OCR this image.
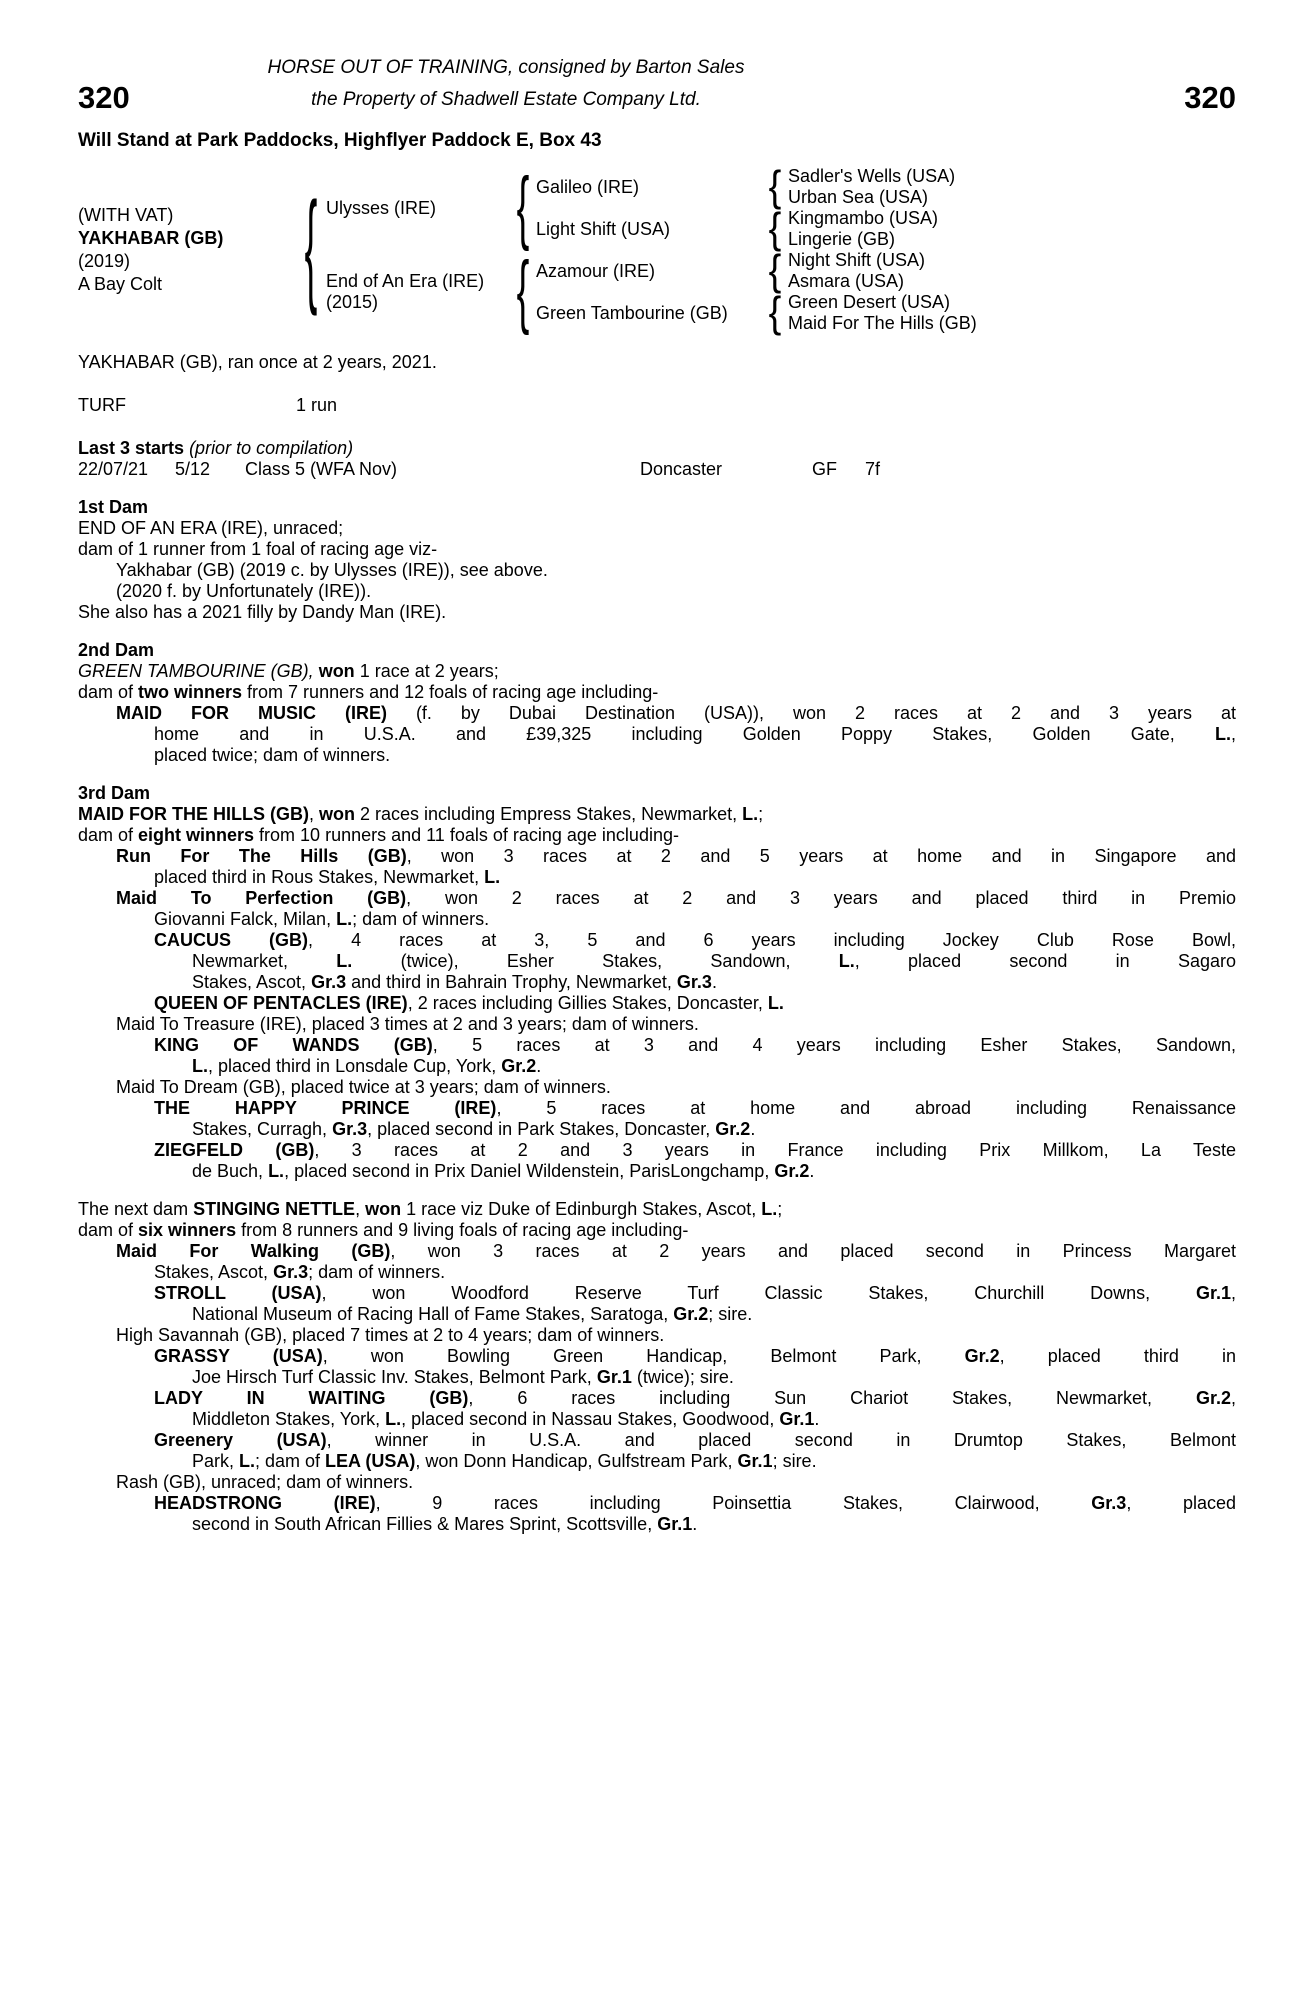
HORSE OUT OF TRAINING, consigned by Barton Sales
the Property of Shadwell Estate Company Ltd.
320	320
Will Stand at Park Paddocks, Highflyer Paddock E, Box 43
(WITH VAT)
YAKHABAR (GB)
(2019)
A Bay Colt	{ Ulysses (IRE)
End of An Era (IRE)
(2015)
{
{
Galileo (IRE)
Light Shift (USA)
Azamour (IRE)
Green Tambourine (GB)
{
{
{
{
Sadler's Wells (USA)
Urban Sea (USA)
Kingmambo (USA)
Lingerie (GB)
Night Shift (USA)
Asmara (USA)
Green Desert (USA)
Maid For The Hills (GB)
YAKHABAR (GB), ran once at 2 years, 2021.
TURF	1 run
Last 3 starts (prior to compilation)
22/07/21	5/12	Class 5 (WFA Nov)	Doncaster	GF	7f
1st Dam
END OF AN ERA (IRE), unraced;
dam of 1 runner from 1 foal of racing age viz-
Yakhabar (GB) (2019 c. by Ulysses (IRE)), see above.
(2020 f. by Unfortunately (IRE)).
She also has a 2021 filly by Dandy Man (IRE).
2nd Dam
GREEN TAMBOURINE (GB), won 1 race at 2 years;
dam of two winners from 7 runners and 12 foals of racing age including-
MAID FOR MUSIC (IRE) (f. by Dubai Destination (USA)), won 2 races at 2 and 3 years at
home and in U.S.A. and £39,325 including Golden Poppy Stakes, Golden Gate, L.,
placed twice; dam of winners.
3rd Dam
MAID FOR THE HILLS (GB), won 2 races including Empress Stakes, Newmarket, L.;
dam of eight winners from 10 runners and 11 foals of racing age including-
Run For The Hills (GB), won 3 races at 2 and 5 years at home and in Singapore and
placed third in Rous Stakes, Newmarket, L.
Maid To Perfection (GB), won 2 races at 2 and 3 years and placed third in Premio
Giovanni Falck, Milan, L.; dam of winners.
CAUCUS (GB), 4 races at 3, 5 and 6 years including Jockey Club Rose Bowl,
Newmarket, L. (twice), Esher Stakes, Sandown, L., placed second in Sagaro
Stakes, Ascot, Gr.3 and third in Bahrain Trophy, Newmarket, Gr.3.
QUEEN OF PENTACLES (IRE), 2 races including Gillies Stakes, Doncaster, L.
Maid To Treasure (IRE), placed 3 times at 2 and 3 years; dam of winners.
KING OF WANDS (GB), 5 races at 3 and 4 years including Esher Stakes, Sandown,
L., placed third in Lonsdale Cup, York, Gr.2.
Maid To Dream (GB), placed twice at 3 years; dam of winners.
THE HAPPY PRINCE (IRE), 5 races at home and abroad including Renaissance
Stakes, Curragh, Gr.3, placed second in Park Stakes, Doncaster, Gr.2.
ZIEGFELD (GB), 3 races at 2 and 3 years in France including Prix Millkom, La Teste
de Buch, L., placed second in Prix Daniel Wildenstein, ParisLongchamp, Gr.2.
The next dam STINGING NETTLE, won 1 race viz Duke of Edinburgh Stakes, Ascot, L.;
dam of six winners from 8 runners and 9 living foals of racing age including-
Maid For Walking (GB), won 3 races at 2 years and placed second in Princess Margaret
Stakes, Ascot, Gr.3; dam of winners.
STROLL (USA), won Woodford Reserve Turf Classic Stakes, Churchill Downs, Gr.1,
National Museum of Racing Hall of Fame Stakes, Saratoga, Gr.2; sire.
High Savannah (GB), placed 7 times at 2 to 4 years; dam of winners.
GRASSY (USA), won Bowling Green Handicap, Belmont Park, Gr.2, placed third in
Joe Hirsch Turf Classic Inv. Stakes, Belmont Park, Gr.1 (twice); sire.
LADY IN WAITING (GB), 6 races including Sun Chariot Stakes, Newmarket, Gr.2,
Middleton Stakes, York, L., placed second in Nassau Stakes, Goodwood, Gr.1.
Greenery (USA), winner in U.S.A. and placed second in Drumtop Stakes, Belmont
Park, L.; dam of LEA (USA), won Donn Handicap, Gulfstream Park, Gr.1; sire.
Rash (GB), unraced; dam of winners.
HEADSTRONG (IRE), 9 races including Poinsettia Stakes, Clairwood, Gr.3, placed
second in South African Fillies & Mares Sprint, Scottsville, Gr.1.
